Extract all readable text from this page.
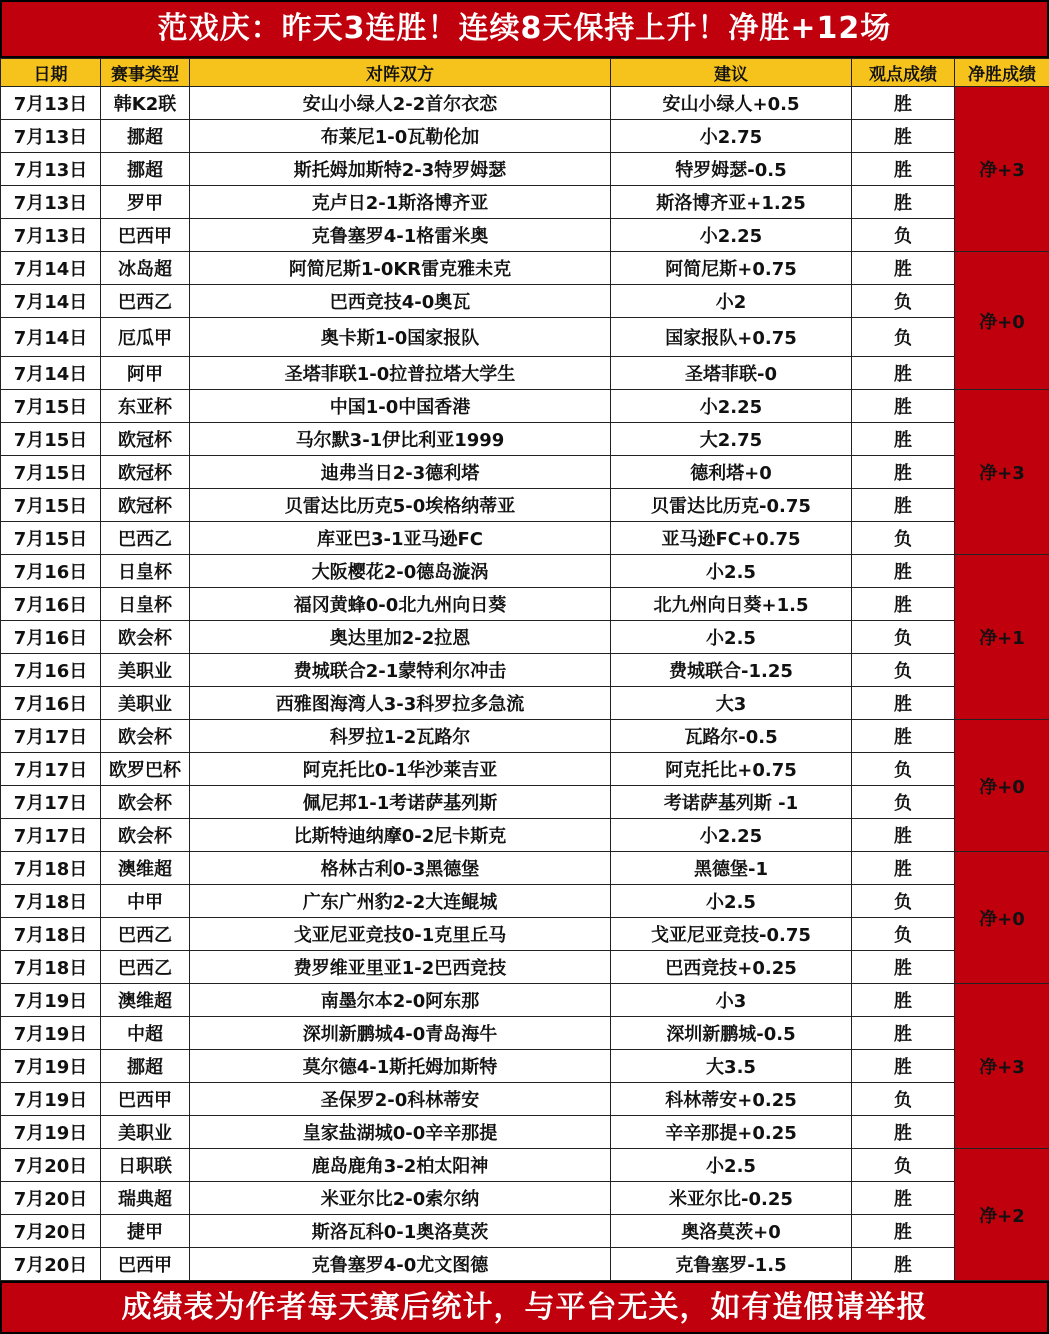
范戏庆：昨天3连胜！连续8天保持上升！净胜+12场
日期	赛事类型	对阵双方	建议	观点成绩	净胜成绩
7月13日	韩K2联	安山小绿人2-2首尔衣恋	安山小绿人+0.5	胜	净+3
7月13日	挪超	布莱尼1-0瓦勒伦加	小2.75	胜	
7月13日	挪超	斯托姆加斯特2-3特罗姆瑟	特罗姆瑟-0.5	胜	
7月13日	罗甲	克卢日2-1斯洛博齐亚	斯洛博齐亚+1.25	胜	
7月13日	巴西甲	克鲁塞罗4-1格雷米奥	小2.25	负	
7月14日	冰岛超	阿简尼斯1-0KR雷克雅未克	阿简尼斯+0.75	胜	净+0
7月14日	巴西乙	巴西竞技4-0奥瓦	小2	负	
7月14日	厄瓜甲	奥卡斯1-0国家报队	国家报队+0.75	负	
7月14日	阿甲	圣塔菲联1-0拉普拉塔大学生	圣塔菲联-0	胜	
7月15日	东亚杯	中国1-0中国香港	小2.25	胜	净+3
7月15日	欧冠杯	马尔默3-1伊比利亚1999	大2.75	胜	
7月15日	欧冠杯	迪弗当日2-3德利塔	德利塔+0	胜	
7月15日	欧冠杯	贝雷达比历克5-0埃格纳蒂亚	贝雷达比历克-0.75	胜	
7月15日	巴西乙	库亚巴3-1亚马逊FC	亚马逊FC+0.75	负	
7月16日	日皇杯	大阪樱花2-0德岛漩涡	小2.5	胜	净+1
7月16日	日皇杯	福冈黄蜂0-0北九州向日葵	北九州向日葵+1.5	胜	
7月16日	欧会杯	奥达里加2-2拉恩	小2.5	负	
7月16日	美职业	费城联合2-1蒙特利尔冲击	费城联合-1.25	负	
7月16日	美职业	西雅图海湾人3-3科罗拉多急流	大3	胜	
7月17日	欧会杯	科罗拉1-2瓦路尔	瓦路尔-0.5	胜	净+0
7月17日	欧罗巴杯	阿克托比0-1华沙莱吉亚	阿克托比+0.75	负	
7月17日	欧会杯	佩尼邦1-1考诺萨基列斯	考诺萨基列斯 -1	负	
7月17日	欧会杯	比斯特迪纳摩0-2尼卡斯克	小2.25	胜	
7月18日	澳维超	格林古利0-3黑德堡	黑德堡-1	胜	净+0
7月18日	中甲	广东广州豹2-2大连鲲城	小2.5	负	
7月18日	巴西乙	戈亚尼亚竞技0-1克里丘马	戈亚尼亚竞技-0.75	负	
7月18日	巴西乙	费罗维亚里亚1-2巴西竞技	巴西竞技+0.25	胜	
7月19日	澳维超	南墨尔本2-0阿东那	小3	胜	净+3
7月19日	中超	深圳新鹏城4-0青岛海牛	深圳新鹏城-0.5	胜	
7月19日	挪超	莫尔德4-1斯托姆加斯特	大3.5	胜	
7月19日	巴西甲	圣保罗2-0科林蒂安	科林蒂安+0.25	负	
7月19日	美职业	皇家盐湖城0-0辛辛那提	辛辛那提+0.25	胜	
7月20日	日职联	鹿岛鹿角3-2柏太阳神	小2.5	负	净+2
7月20日	瑞典超	米亚尔比2-0索尔纳	米亚尔比-0.25	胜	
7月20日	捷甲	斯洛瓦科0-1奥洛莫茨	奥洛莫茨+0	胜	
7月20日	巴西甲	克鲁塞罗4-0尤文图德	克鲁塞罗-1.5	胜	
成绩表为作者每天赛后统计，与平台无关，如有造假请举报
